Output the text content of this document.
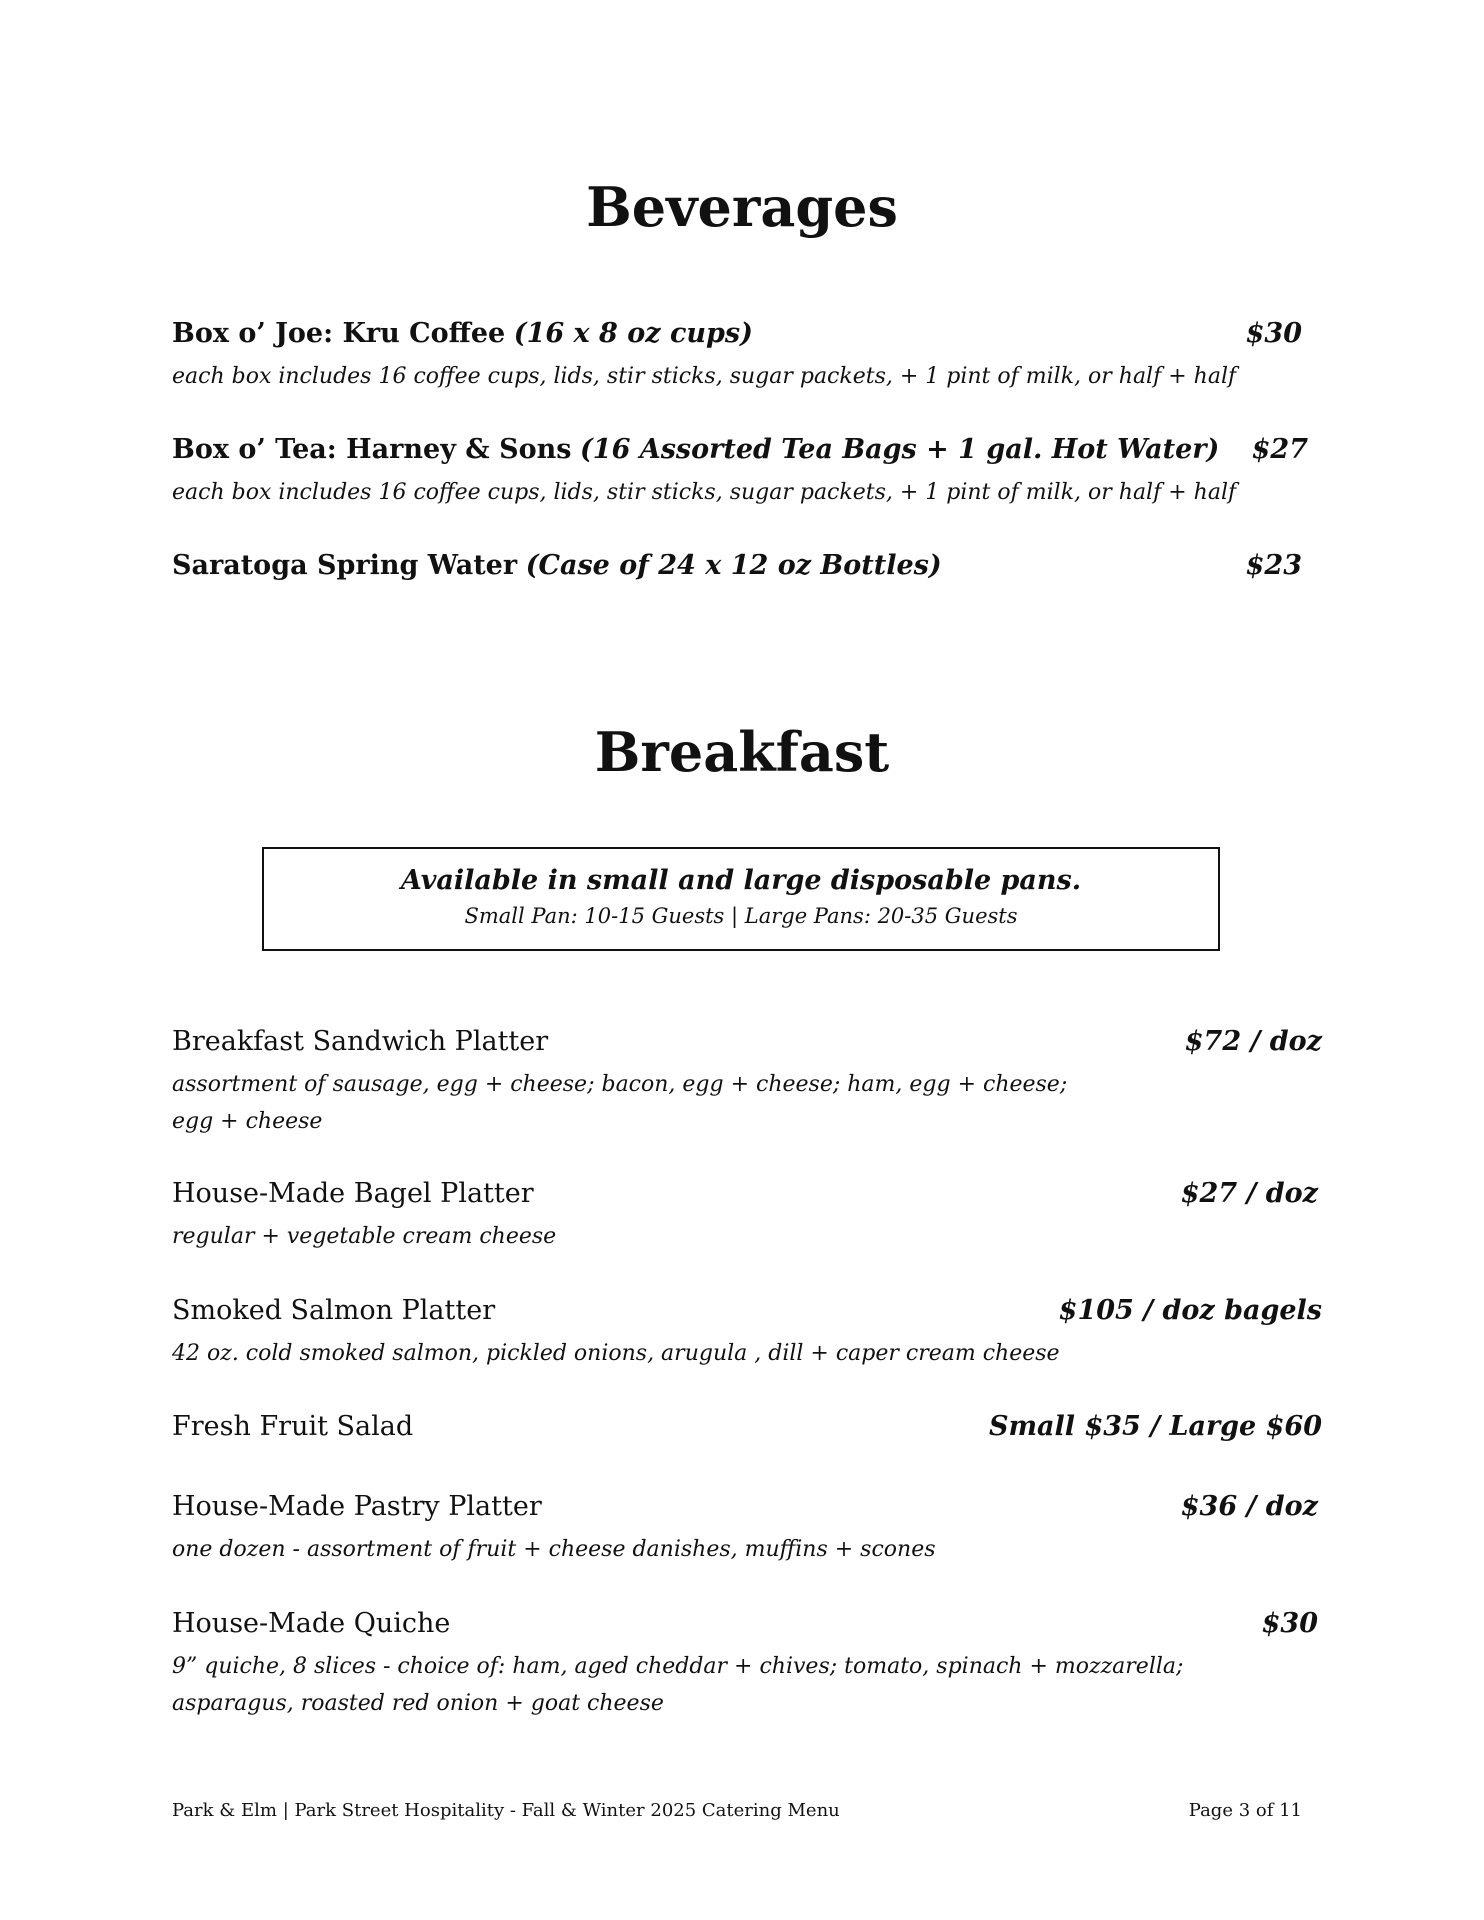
Beverages
Box o’ Joe: Kru Coffee (16 x 8 oz cups)	$30
each box includes 16 coffee cups, lids, stir sticks, sugar packets, + 1 pint of milk, or half + half
Box o’ Tea: Harney & Sons (16 Assorted Tea Bags + 1 gal. Hot Water) $27
each box includes 16 coffee cups, lids, stir sticks, sugar packets, + 1 pint of milk, or half + half
Saratoga Spring Water (Case of 24 x 12 oz Bottles)	$23
Breakfast
Available in small and large disposable pans.
Small Pan: 10-15 Guests | Large Pans: 20-35 Guests
Breakfast Sandwich Platter	$72 / doz
assortment of sausage, egg + cheese; bacon, egg + cheese; ham, egg + cheese;
egg + cheese
House-Made Bagel Platter	$27 / doz
regular + vegetable cream cheese
Smoked Salmon Platter	$105 / doz bagels
42 oz. cold smoked salmon, pickled onions, arugula , dill + caper cream cheese
Fresh Fruit Salad	Small $35 / Large $60
House-Made Pastry Platter	$36 / doz
one dozen - assortment of fruit + cheese danishes, muffins + scones
House-Made Quiche	$30
9” quiche, 8 slices - choice of: ham, aged cheddar + chives; tomato, spinach + mozzarella;
asparagus, roasted red onion + goat cheese
Park & Elm | Park Street Hospitality - Fall & Winter 2025 Catering Menu	Page 3 of 11
